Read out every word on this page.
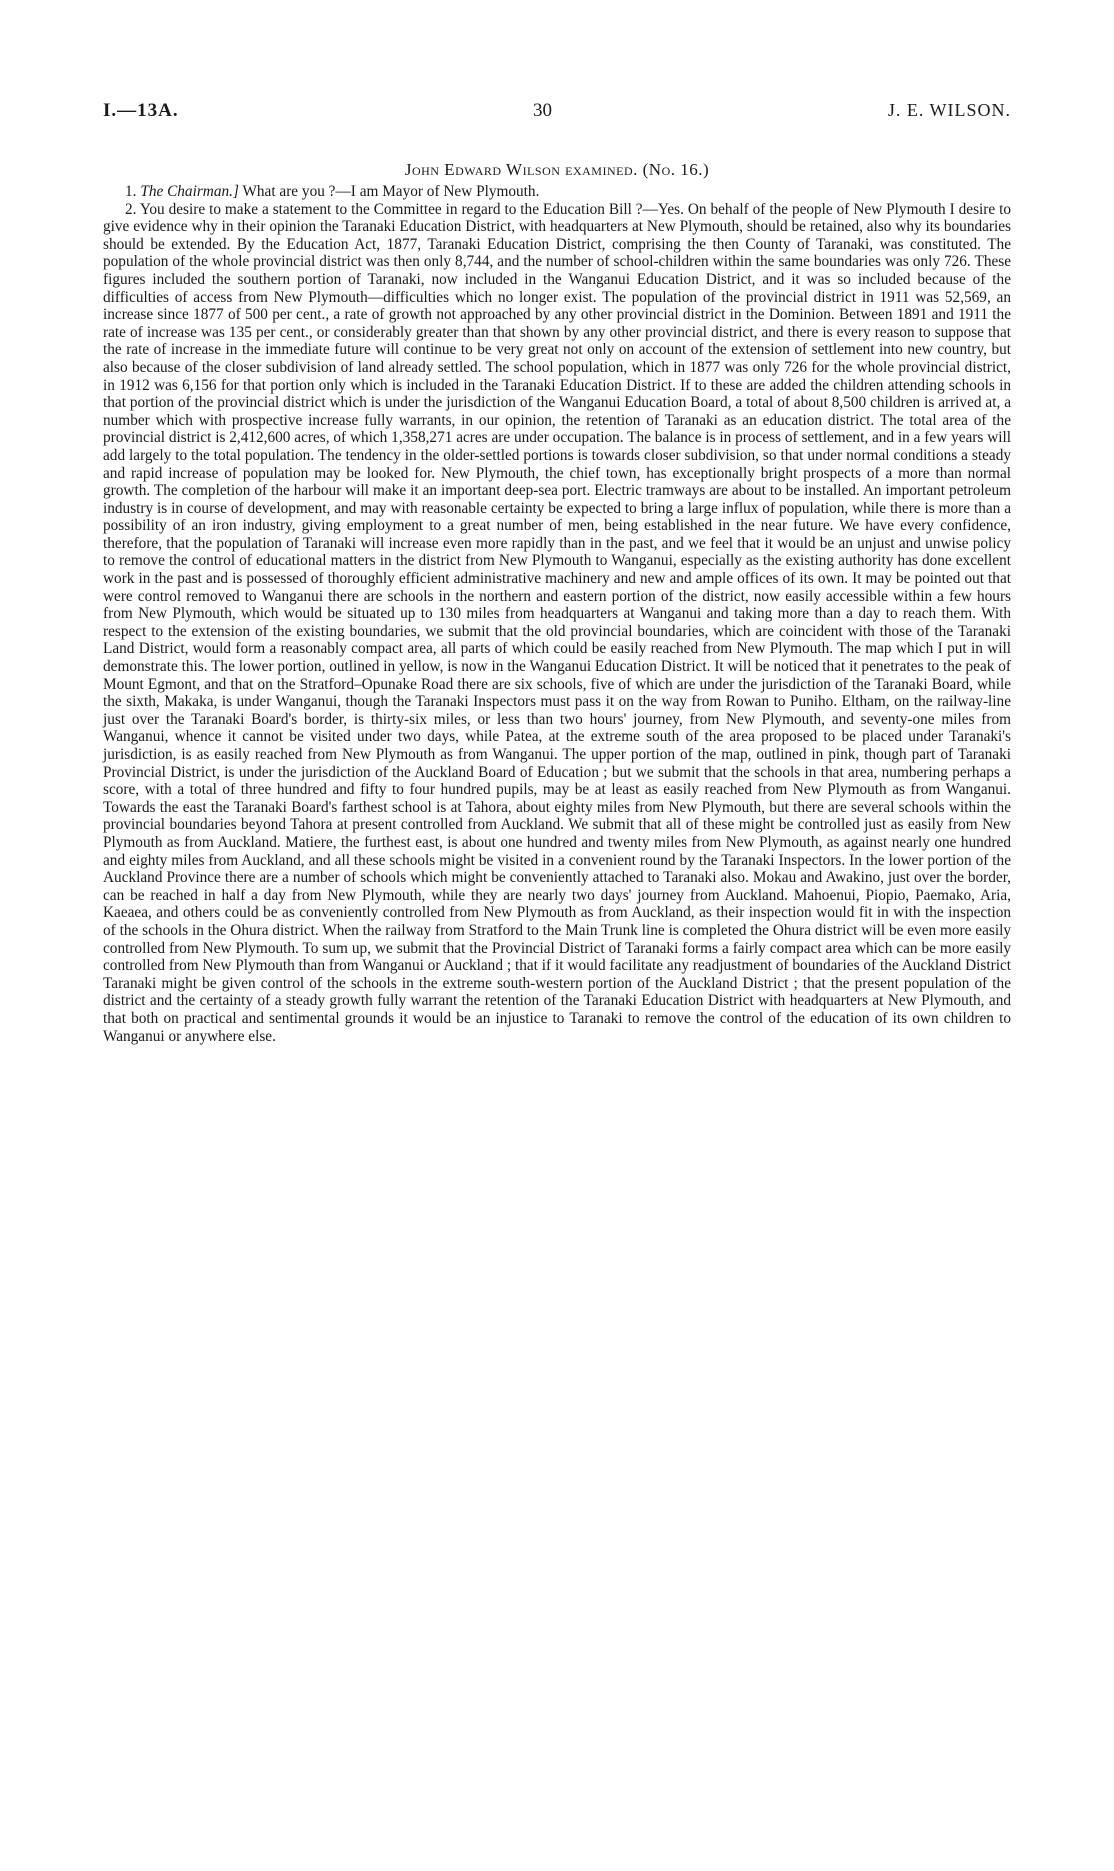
I.—13A.	30	J. E. WILSON.
John Edward Wilson examined. (No. 16.)

1. The Chairman.] What are you ?—I am Mayor of New Plymouth.

2. You desire to make a statement to the Committee in regard to the Education Bill ?—Yes. On behalf of the people of New Plymouth I desire to give evidence why in their opinion the Taranaki Education District, with headquarters at New Plymouth, should be retained, also why its boundaries should be extended. By the Education Act, 1877, Taranaki Education District, comprising the then County of Taranaki, was constituted. The population of the whole provincial district was then only 8,744, and the number of school-children within the same boundaries was only 726. These figures included the southern portion of Taranaki, now included in the Wanganui Education District, and it was so included because of the difficulties of access from New Plymouth—difficulties which no longer exist. The population of the provincial district in 1911 was 52,569, an increase since 1877 of 500 per cent., a rate of growth not approached by any other provincial district in the Dominion. Between 1891 and 1911 the rate of increase was 135 per cent., or considerably greater than that shown by any other provincial district, and there is every reason to suppose that the rate of increase in the immediate future will continue to be very great not only on account of the extension of settlement into new country, but also because of the closer subdivision of land already settled. The school population, which in 1877 was only 726 for the whole provincial district, in 1912 was 6,156 for that portion only which is included in the Taranaki Education District. If to these are added the children attending schools in that portion of the provincial district which is under the jurisdiction of the Wanganui Education Board, a total of about 8,500 children is arrived at, a number which with prospective increase fully warrants, in our opinion, the retention of Taranaki as an education district. The total area of the provincial district is 2,412,600 acres, of which 1,358,271 acres are under occupation. The balance is in process of settlement, and in a few years will add largely to the total population. The tendency in the older-settled portions is towards closer subdivision, so that under normal conditions a steady and rapid increase of population may be looked for. New Plymouth, the chief town, has exceptionally bright prospects of a more than normal growth. The completion of the harbour will make it an important deep-sea port. Electric tramways are about to be installed. An important petroleum industry is in course of development, and may with reasonable certainty be expected to bring a large influx of population, while there is more than a possibility of an iron industry, giving employment to a great number of men, being established in the near future. We have every confidence, therefore, that the population of Taranaki will increase even more rapidly than in the past, and we feel that it would be an unjust and unwise policy to remove the control of educational matters in the district from New Plymouth to Wanganui, especially as the existing authority has done excellent work in the past and is possessed of thoroughly efficient administrative machinery and new and ample offices of its own. It may be pointed out that were control removed to Wanganui there are schools in the northern and eastern portion of the district, now easily accessible within a few hours from New Plymouth, which would be situated up to 130 miles from headquarters at Wanganui and taking more than a day to reach them. With respect to the extension of the existing boundaries, we submit that the old provincial boundaries, which are coincident with those of the Taranaki Land District, would form a reasonably compact area, all parts of which could be easily reached from New Plymouth. The map which I put in will demonstrate this. The lower portion, outlined in yellow, is now in the Wanganui Education District. It will be noticed that it penetrates to the peak of Mount Egmont, and that on the Stratford–Opunake Road there are six schools, five of which are under the jurisdiction of the Taranaki Board, while the sixth, Makaka, is under Wanganui, though the Taranaki Inspectors must pass it on the way from Rowan to Puniho. Eltham, on the railway-line just over the Taranaki Board's border, is thirty-six miles, or less than two hours' journey, from New Plymouth, and seventy-one miles from Wanganui, whence it cannot be visited under two days, while Patea, at the extreme south of the area proposed to be placed under Taranaki's jurisdiction, is as easily reached from New Plymouth as from Wanganui. The upper portion of the map, outlined in pink, though part of Taranaki Provincial District, is under the jurisdiction of the Auckland Board of Education ; but we submit that the schools in that area, numbering perhaps a score, with a total of three hundred and fifty to four hundred pupils, may be at least as easily reached from New Plymouth as from Wanganui. Towards the east the Taranaki Board's farthest school is at Tahora, about eighty miles from New Plymouth, but there are several schools within the provincial boundaries beyond Tahora at present controlled from Auckland. We submit that all of these might be controlled just as easily from New Plymouth as from Auckland. Matiere, the furthest east, is about one hundred and twenty miles from New Plymouth, as against nearly one hundred and eighty miles from Auckland, and all these schools might be visited in a convenient round by the Taranaki Inspectors. In the lower portion of the Auckland Province there are a number of schools which might be conveniently attached to Taranaki also. Mokau and Awakino, just over the border, can be reached in half a day from New Plymouth, while they are nearly two days' journey from Auckland. Mahoenui, Piopio, Paemako, Aria, Kaeaea, and others could be as conveniently controlled from New Plymouth as from Auckland, as their inspection would fit in with the inspection of the schools in the Ohura district. When the railway from Stratford to the Main Trunk line is completed the Ohura district will be even more easily controlled from New Plymouth. To sum up, we submit that the Provincial District of Taranaki forms a fairly compact area which can be more easily controlled from New Plymouth than from Wanganui or Auckland ; that if it would facilitate any readjustment of boundaries of the Auckland District Taranaki might be given control of the schools in the extreme south-western portion of the Auckland District ; that the present population of the district and the certainty of a steady growth fully warrant the retention of the Taranaki Education District with headquarters at New Plymouth, and that both on practical and sentimental grounds it would be an injustice to Taranaki to remove the control of the education of its own children to Wanganui or anywhere else.
